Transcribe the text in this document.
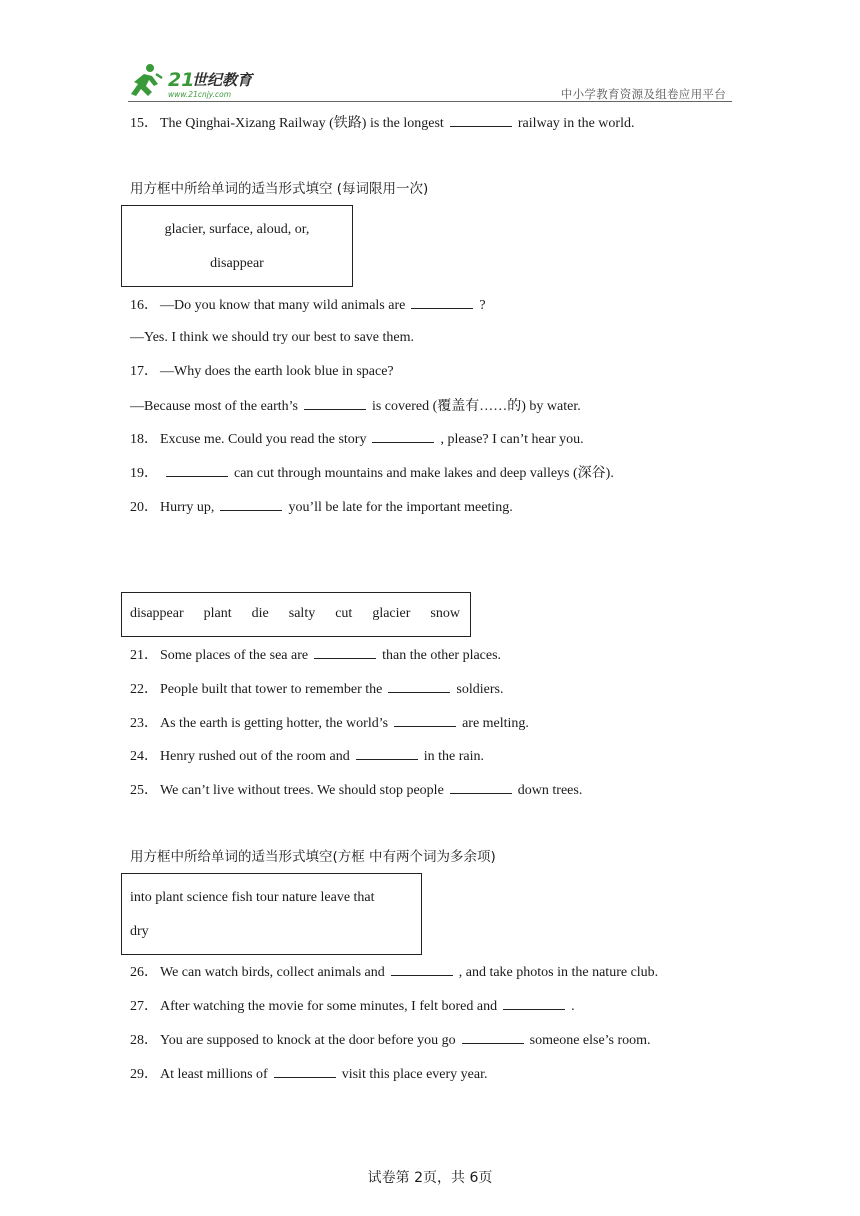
21
世纪教育
www.21cnjy.com	中小学教育资源及组卷应用平台
15． The Qinghai-Xizang Railway (铁路) is the longest	railway in the world.
用方框中所给单词的适当形式填空 (每词限用一次)
glacier, surface, aloud, or,
disappear
16． —Do you know that many wild animals are	?
—Yes. I think we should try our best to save them.
17． —Why does the earth look blue in space?
—Because most of the earth’s	is covered (覆盖有……的) by water.
18． Excuse me. Could you read the story	, please? I can’t hear you.
19．	can cut through mountains and make lakes and deep valleys (深谷).
20． Hurry up,	you’ll be late for the important meeting.
disappear plant die salty cut glacier snow
21． Some places of the sea are	than the other places.
22． People built that tower to remember the	soldiers.
23． As the earth is getting hotter, the world’s	are melting.
24． Henry rushed out of the room and	in the rain.
25． We can’t live without trees. We should stop people	down trees.
用方框中所给单词的适当形式填空(方框 中有两个词为多余项)
into plant science fish tour nature leave that
dry
26． We can watch birds, collect animals and	, and take photos in the nature club.
27． After watching the movie for some minutes, I felt bored and	.
28． You are supposed to knock at the door before you go	someone else’s room.
29． At least millions of	visit this place every year.
试卷第 2页，共 6页
